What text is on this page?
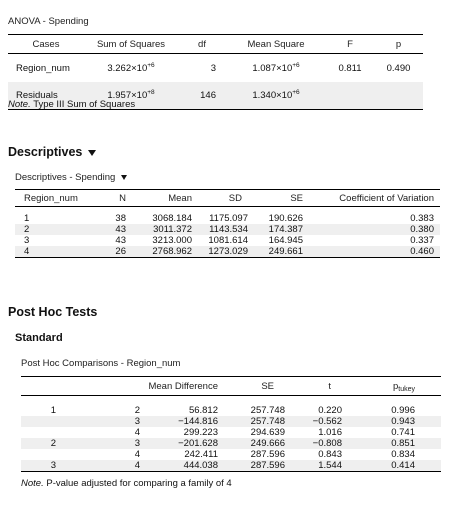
ANOVA - Spending
Cases	Sum of Squares	df	Mean Square	F	p
Region_num	$3.262\times 10^{+6}$	3	$1.087\times 10^{+6}$	0.811	0.490
Residuals	$1.957\times 10^{+8}$	146	$1.340\times 10^{+6}$		
Note. Type III Sum of Squares
Descriptives
Descriptives - Spending
Region_num	N	Mean	SD	SE	Coefficient of Variation

1	38	3068.184	1175.097	190.626	0.383
2	43	3011.372	1143.534	174.387	0.380
3	43	3213.000	1081.614	164.945	0.337
4	26	2768.962	1273.029	249.661	0.460
Post Hoc Tests
Standard
Post Hoc Comparisons - Region_num
		Mean Difference	SE	t	$p_{tukey}$

1	2	56.812	257.748	0.220	0.996
	3	−144.816	257.748	−0.562	0.943
	4	299.223	294.639	1.016	0.741
2	3	−201.628	249.666	−0.808	0.851
	4	242.411	287.596	0.843	0.834
3	4	444.038	287.596	1.544	0.414
Note. P-value adjusted for comparing a family of 4
